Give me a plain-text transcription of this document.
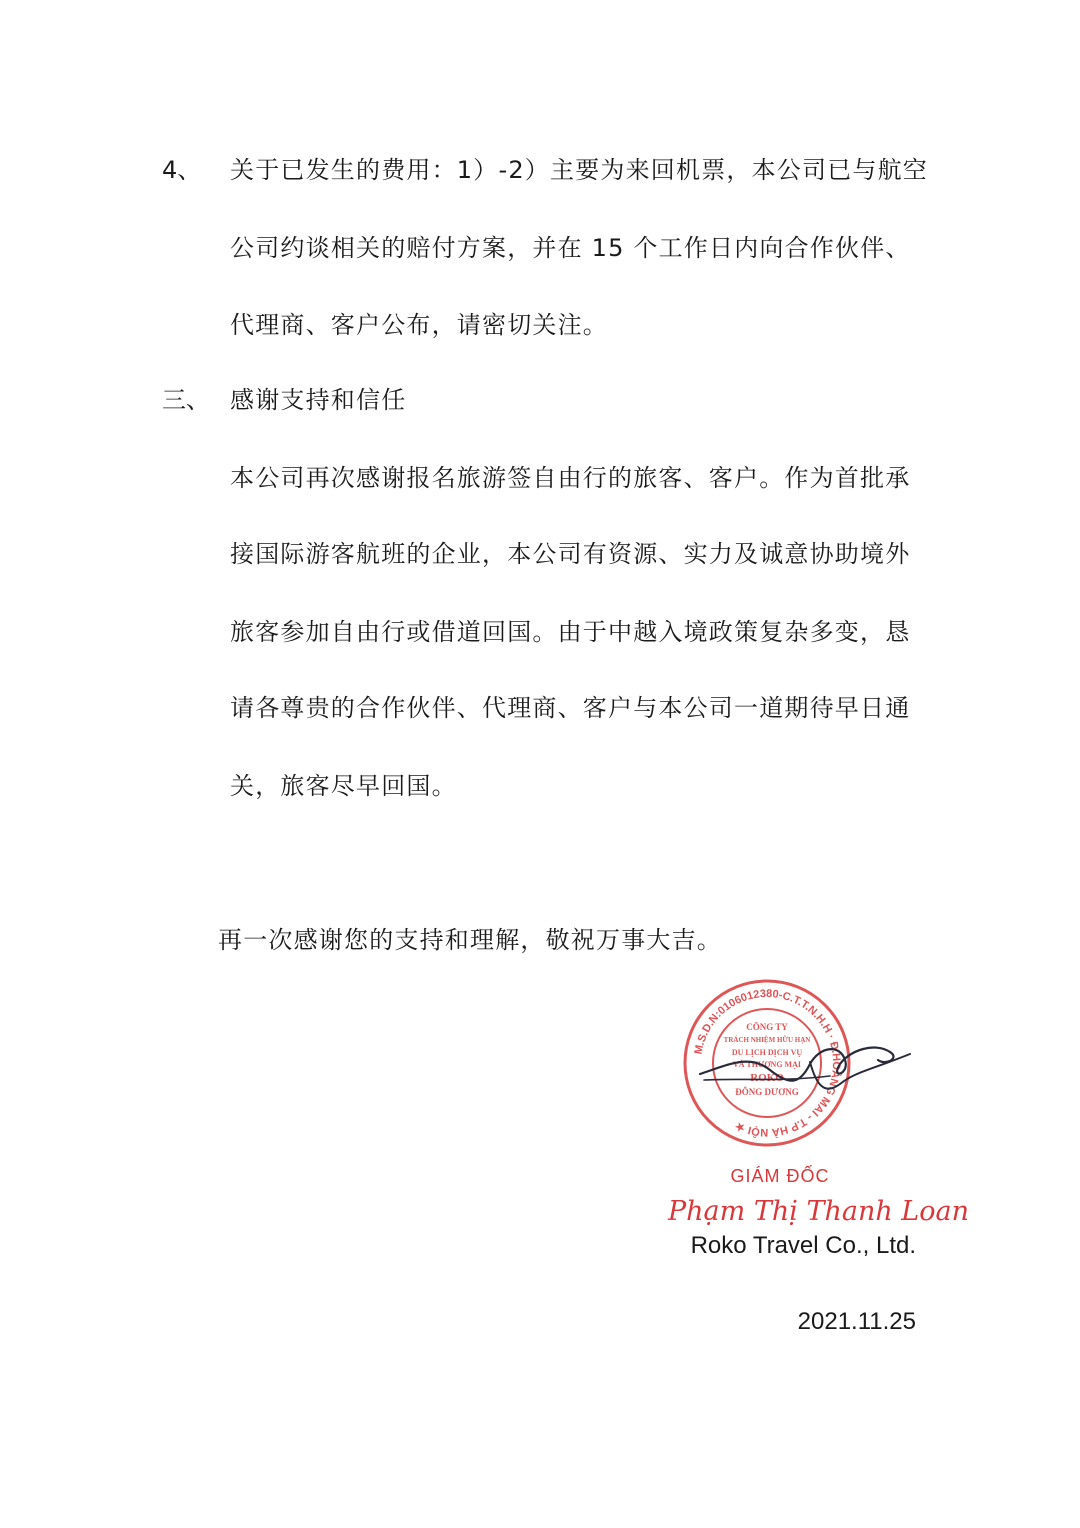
4、 关于已发生的费用：1）-2）主要为来回机票，本公司已与航空
公司约谈相关的赔付方案，并在 15 个工作日内向合作伙伴、
代理商、客户公布，请密切关注。
三、 感谢支持和信任
本公司再次感谢报名旅游签自由行的旅客、客户。作为首批承
接国际游客航班的企业，本公司有资源、实力及诚意协助境外
旅客参加自由行或借道回国。由于中越入境政策复杂多变，恳
请各尊贵的合作伙伴、代理商、客户与本公司一道期待早日通
关，旅客尽早回国。
再一次感谢您的支持和理解，敬祝万事大吉。
M.S.D.N:0106012380-C.T.T.N.H.H · Đ.HOÀNG MAI - T.P HÀ NỘI ★
CÔNG TY
TRÁCH NHIỆM HỮU HẠN
DU LỊCH DỊCH VỤ
VÀ THƯƠNG MẠI
ROKO
ĐÔNG DƯƠNG
GIÁM ĐỐC
Phạm Thị Thanh Loan
Roko Travel Co., Ltd.
2021.11.25
